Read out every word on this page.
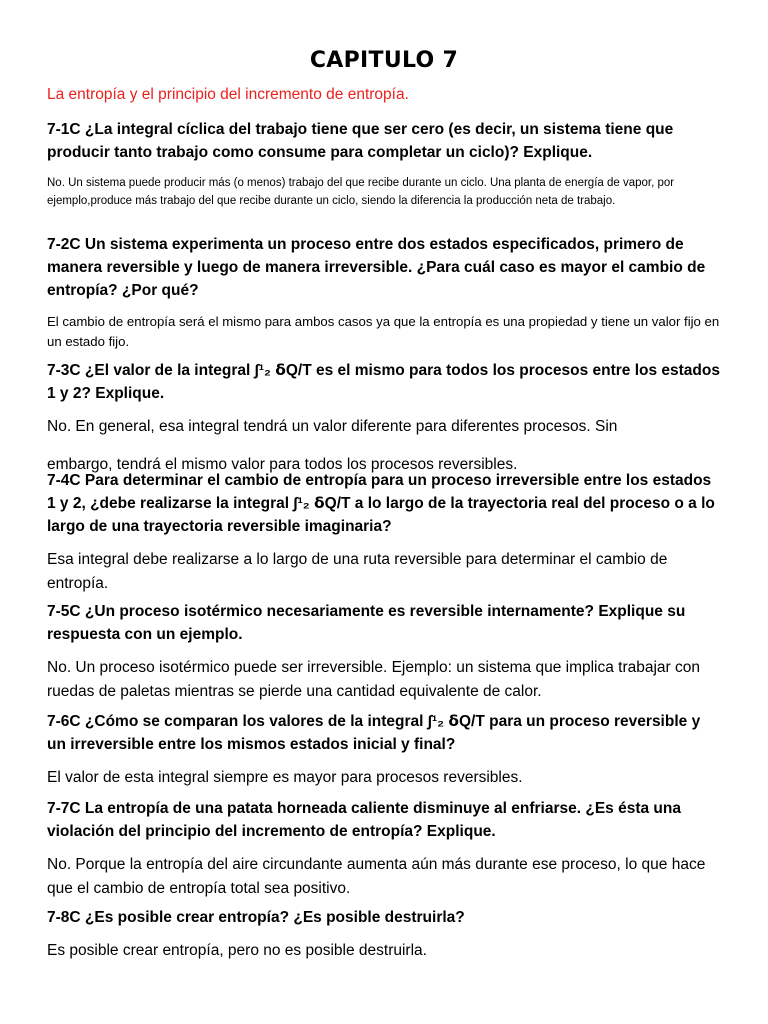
CAPITULO 7

La entropía y el principio del incremento de entropía.

7-1C ¿La integral cíclica del trabajo tiene que ser cero (es decir, un sistema tiene que producir tanto trabajo como consume para completar un ciclo)? Explique.

No. Un sistema puede producir más (o menos) trabajo del que recibe durante un ciclo. Una planta de energía de vapor, por ejemplo,produce más trabajo del que recibe durante un ciclo, siendo la diferencia la producción neta de trabajo.

7-2C Un sistema experimenta un proceso entre dos estados especificados, primero de manera reversible y luego de manera irreversible. ¿Para cuál caso es mayor el cambio de entropía? ¿Por qué?

El cambio de entropía será el mismo para ambos casos ya que la entropía es una propiedad y tiene un valor fijo en un estado fijo.

7-3C ¿El valor de la integral ∫¹₂ ẟQ/T es el mismo para todos los procesos entre los estados 1 y 2? Explique.

No. En general, esa integral tendrá un valor diferente para diferentes procesos. Sin

embargo, tendrá el mismo valor para todos los procesos reversibles.

7-4C Para determinar el cambio de entropía para un proceso irreversible entre los estados 1 y 2, ¿debe realizarse la integral ∫¹₂ ẟQ/T a lo largo de la trayectoria real del proceso o a lo largo de una trayectoria reversible imaginaria?

Esa integral debe realizarse a lo largo de una ruta reversible para determinar el cambio de entropía.

7-5C ¿Un proceso isotérmico necesariamente es reversible internamente? Explique su respuesta con un ejemplo.

No. Un proceso isotérmico puede ser irreversible. Ejemplo: un sistema que implica trabajar con ruedas de paletas mientras se pierde una cantidad equivalente de calor.

7-6C ¿Cómo se comparan los valores de la integral ∫¹₂ ẟQ/T para un proceso reversible y un irreversible entre los mismos estados inicial y final?

El valor de esta integral siempre es mayor para procesos reversibles.

7-7C La entropía de una patata horneada caliente disminuye al enfriarse. ¿Es ésta una violación del principio del incremento de entropía? Explique.

No. Porque la entropía del aire circundante aumenta aún más durante ese proceso, lo que hace que el cambio de entropía total sea positivo.

7-8C ¿Es posible crear entropía? ¿Es posible destruirla?

Es posible crear entropía, pero no es posible destruirla.
